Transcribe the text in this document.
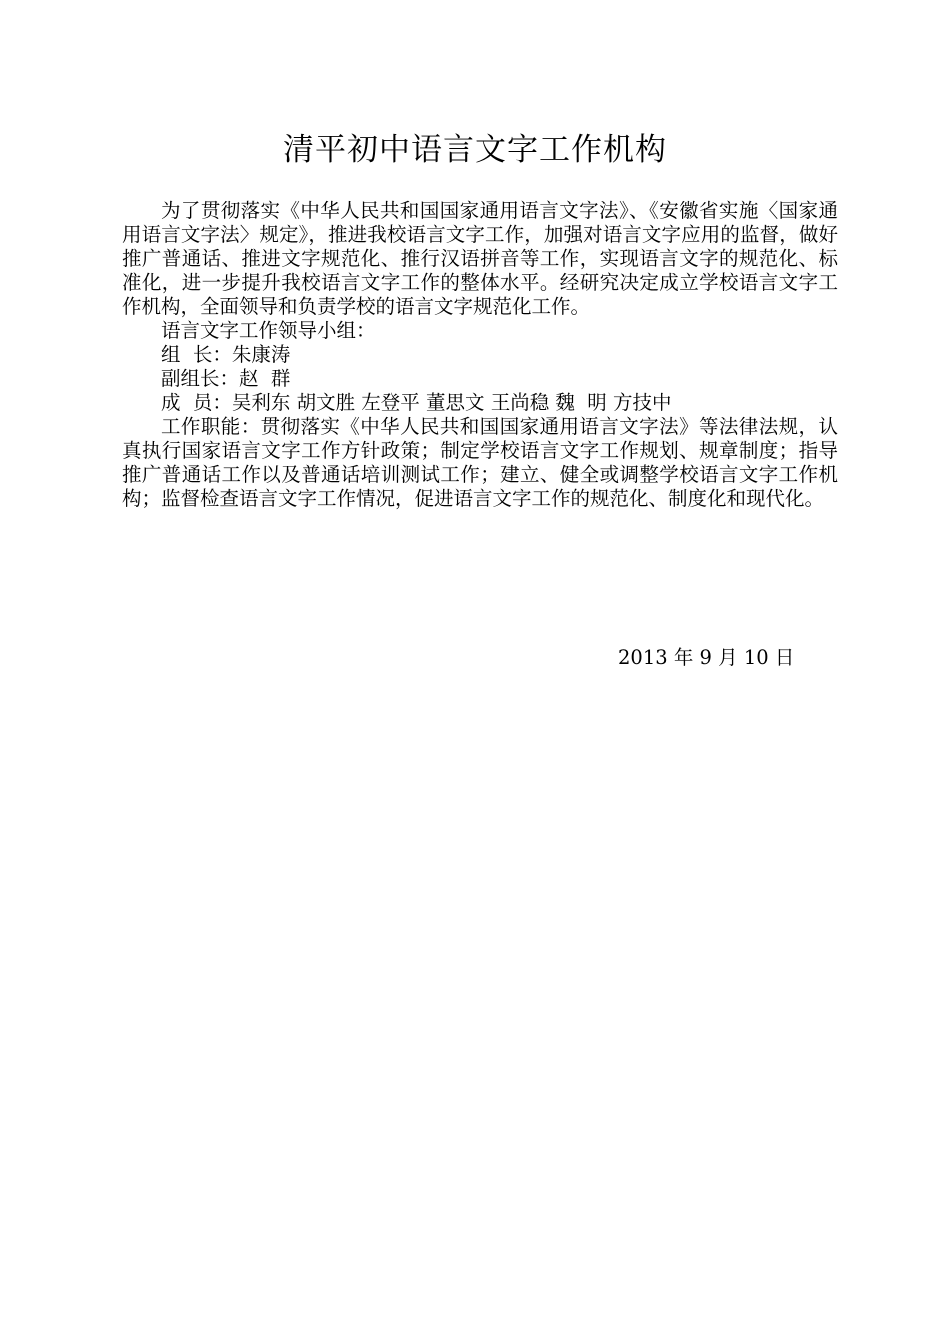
清平初中语言文字工作机构

为了贯彻落实《中华人民共和国国家通用语言文字法》、《安徽省实施〈国家通用语言文字法〉规定》，推进我校语言文字工作，加强对语言文字应用的监督，做好推广普通话、推进文字规范化、推行汉语拼音等工作，实现语言文字的规范化、标准化，进一步提升我校语言文字工作的整体水平。经研究决定成立学校语言文字工作机构，全面领导和负责学校的语言文字规范化工作。

语言文字工作领导小组：

组  长：朱康涛

副组长：赵  群

成  员：吴利东 胡文胜 左登平 董思文 王尚稳 魏  明 方技中

工作职能：贯彻落实《中华人民共和国国家通用语言文字法》等法律法规，认真执行国家语言文字工作方针政策；制定学校语言文字工作规划、规章制度；指导推广普通话工作以及普通话培训测试工作；建立、健全或调整学校语言文字工作机构；监督检查语言文字工作情况，促进语言文字工作的规范化、制度化和现代化。

2013 年 9 月 10 日
